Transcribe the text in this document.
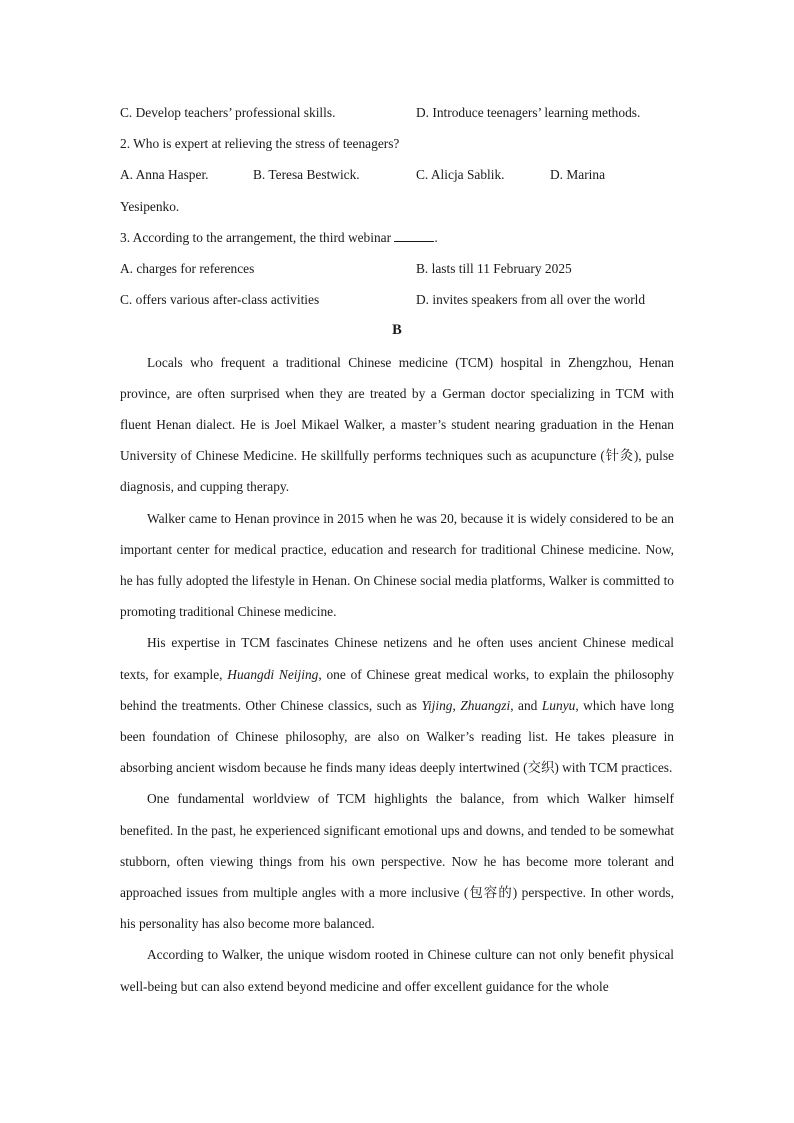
C. Develop teachers’ professional skills.	D. Introduce teenagers’ learning methods.
2. Who is expert at relieving the stress of teenagers?
A. Anna Hasper.	B. Teresa Bestwick.	C. Alicja Sablik.	D. Marina
Yesipenko.
3. According to the arrangement, the third webinar	.
A. charges for references	B. lasts till 11 February 2025
C. offers various after-class activities	D. invites speakers from all over the world
B

Locals who frequent a traditional Chinese medicine (TCM) hospital in Zhengzhou, Henan province, are often surprised when they are treated by a German doctor specializing in TCM with fluent Henan dialect. He is Joel Mikael Walker, a master’s student nearing graduation in the Henan University of Chinese Medicine. He skillfully performs techniques such as acupuncture (针灸), pulse diagnosis, and cupping therapy.

Walker came to Henan province in 2015 when he was 20, because it is widely considered to be an important center for medical practice, education and research for traditional Chinese medicine. Now, he has fully adopted the lifestyle in Henan. On Chinese social media platforms, Walker is committed to promoting traditional Chinese medicine.

His expertise in TCM fascinates Chinese netizens and he often uses ancient Chinese medical texts, for example, Huangdi Neijing, one of Chinese great medical works, to explain the philosophy behind the treatments. Other Chinese classics, such as Yijing, Zhuangzi, and Lunyu, which have long been foundation of Chinese philosophy, are also on Walker’s reading list. He takes pleasure in absorbing ancient wisdom because he finds many ideas deeply intertwined (交织) with TCM practices.

One fundamental worldview of TCM highlights the balance, from which Walker himself benefited. In the past, he experienced significant emotional ups and downs, and tended to be somewhat stubborn, often viewing things from his own perspective. Now he has become more tolerant and approached issues from multiple angles with a more inclusive (包容的) perspective. In other words, his personality has also become more balanced.

According to Walker, the unique wisdom rooted in Chinese culture can not only benefit physical well-being but can also extend beyond medicine and offer excellent guidance for the whole
